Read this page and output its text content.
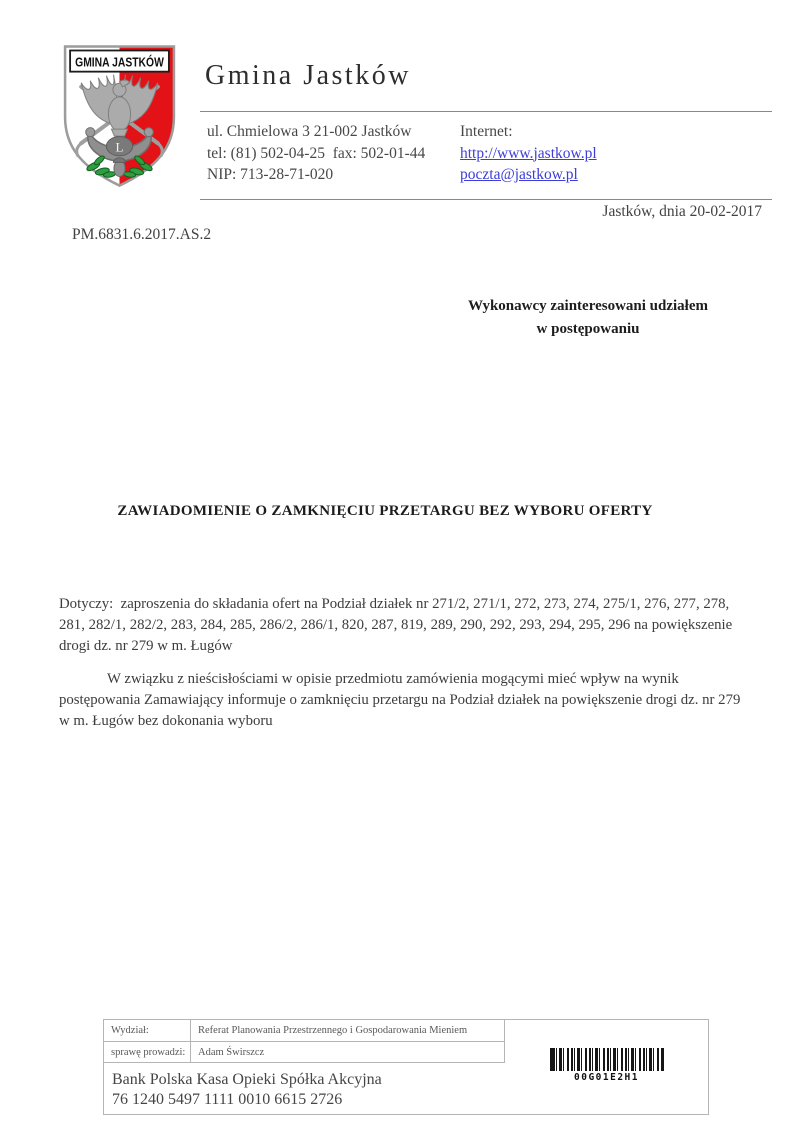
L
GMINA JASTKÓW Gmina Jastków
ul. Chmielowa 3 21-002 Jastków
tel: (81) 502-04-25  fax: 502-01-44
NIP: 713-28-71-020
Internet:
http://www.jastkow.pl
poczta@jastkow.pl
Jastków, dnia 20-02-2017
PM.6831.6.2017.AS.2
Wykonawcy zainteresowani udziałem
w postępowaniu
ZAWIADOMIENIE O ZAMKNIĘCIU PRZETARGU BEZ WYBORU OFERTY
Dotyczy:  zaproszenia do składania ofert na Podział działek nr 271/2, 271/1, 272, 273, 274, 275/1, 276, 277, 278, 281, 282/1, 282/2, 283, 284, 285, 286/2, 286/1, 820, 287, 819, 289, 290, 292, 293, 294, 295, 296 na powiększenie drogi dz. nr 279 w m. Ługów
W związku z nieścisłościami w opisie przedmiotu zamówienia mogącymi mieć wpływ na wynik postępowania Zamawiający informuje o zamknięciu przetargu na Podział działek na powiększenie drogi dz. nr 279 w m. Ługów bez dokonania wyboru
Wydział:	Referat Planowania Przestrzennego i Gospodarowania Mieniem
00G01E2H1
sprawę prowadzi:	Adam Świrszcz
Bank Polska Kasa Opieki Spółka Akcyjna
76 1240 5497 1111 0010 6615 2726
